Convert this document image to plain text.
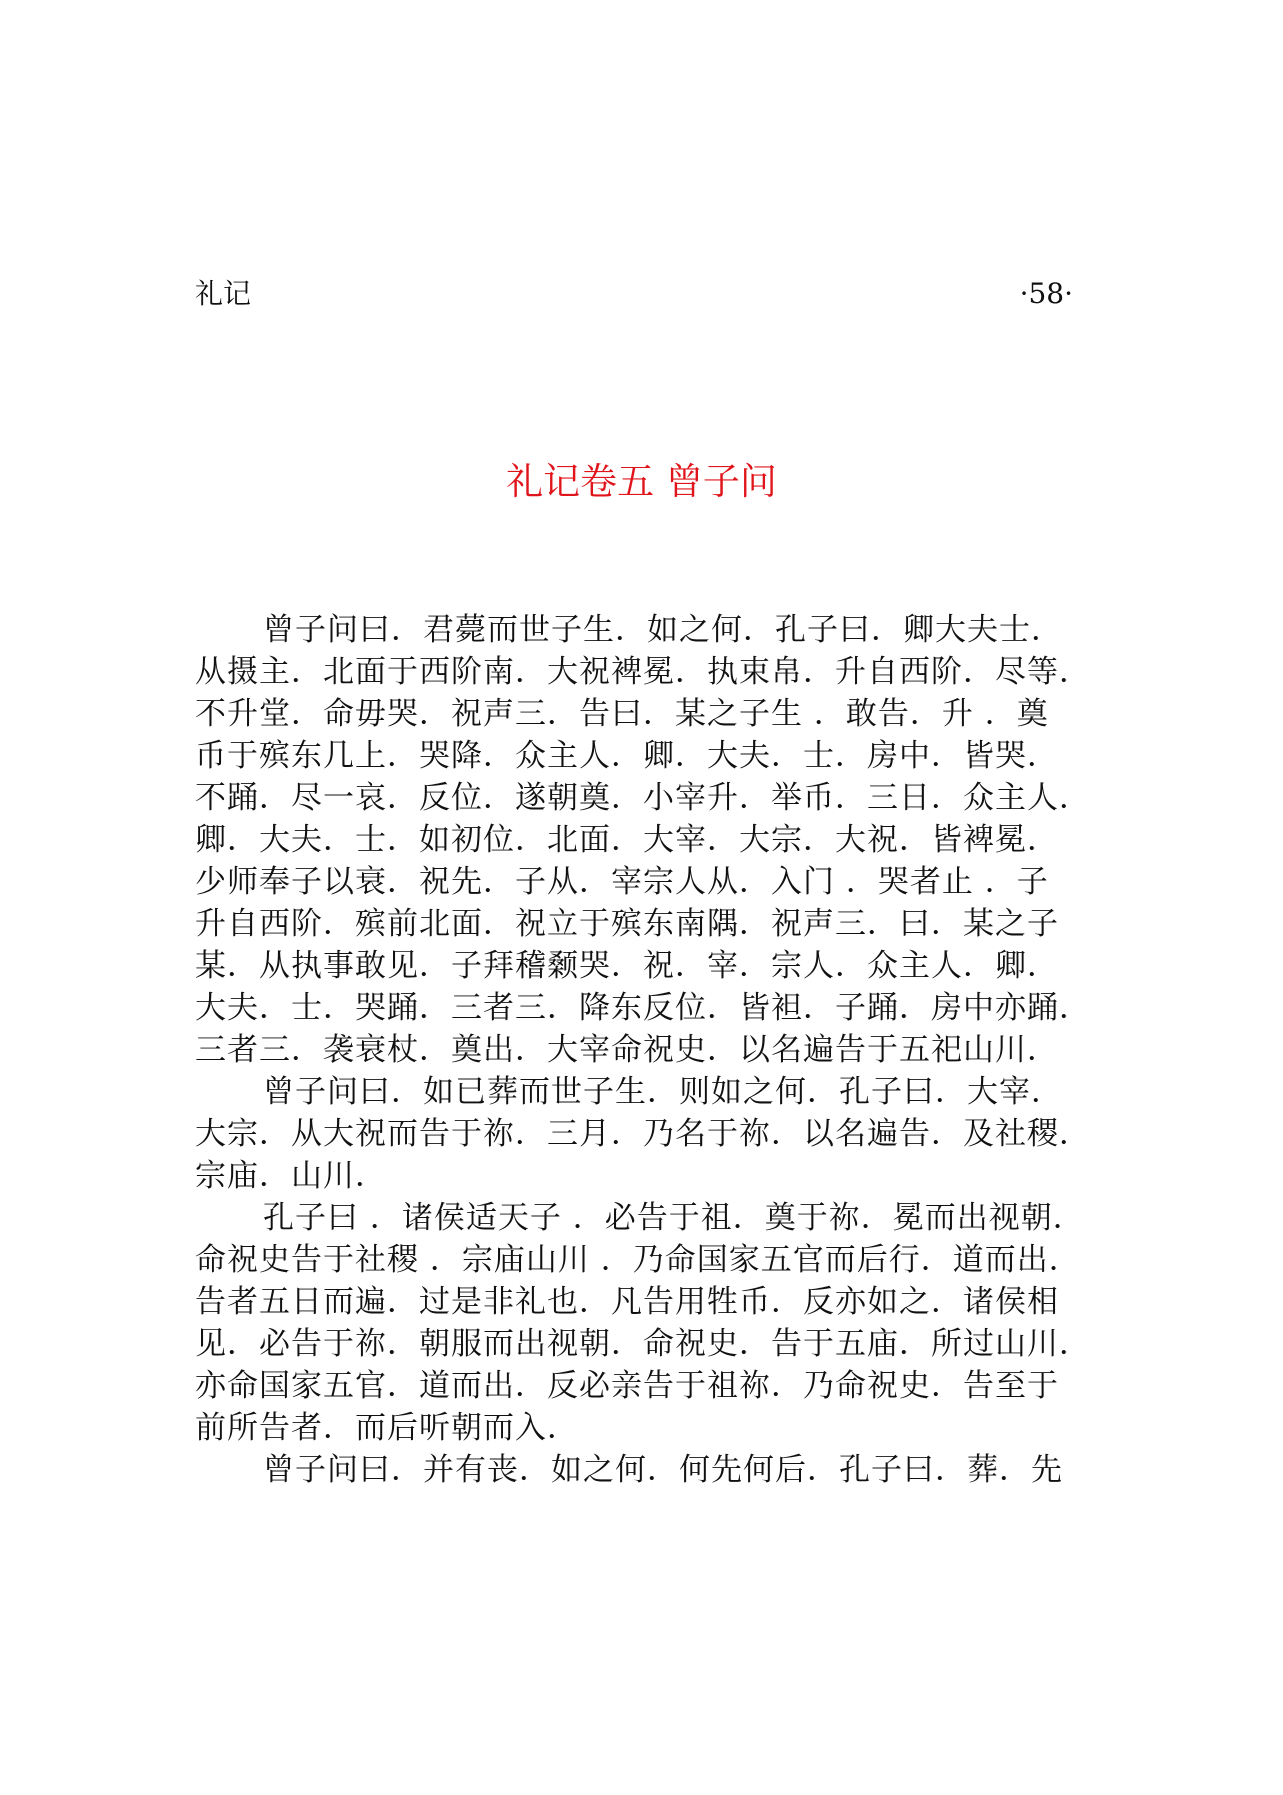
礼记	·58·
礼记卷五 曾子问
曾子问曰．君薨而世子生．如之何．孔子曰．卿大夫士．
从摄主．北面于西阶南．大祝裨冕．执束帛．升自西阶．尽等．
不升堂．命毋哭．祝声三．告曰．某之子生 ．敢告．升 ．奠
币于殡东几上．哭降．众主人．卿．大夫．士．房中．皆哭．
不踊．尽一哀．反位．遂朝奠．小宰升．举币．三日．众主人．
卿．大夫．士．如初位．北面．大宰．大宗．大祝．皆裨冕．
少师奉子以衰．祝先．子从．宰宗人从．入门 ．哭者止 ．子
升自西阶．殡前北面．祝立于殡东南隅．祝声三．曰．某之子
某．从执事敢见．子拜稽颡哭．祝．宰．宗人．众主人．卿．
大夫．士．哭踊．三者三．降东反位．皆袒．子踊．房中亦踊．
三者三．袭衰杖．奠出．大宰命祝史．以名遍告于五祀山川．
曾子问曰．如已葬而世子生．则如之何．孔子曰．大宰．
大宗．从大祝而告于祢．三月．乃名于祢．以名遍告．及社稷．
宗庙．山川．
孔子曰 ．诸侯适天子 ．必告于祖．奠于祢．冕而出视朝．
命祝史告于社稷 ．宗庙山川 ．乃命国家五官而后行．道而出．
告者五日而遍．过是非礼也．凡告用牲币．反亦如之．诸侯相
见．必告于祢．朝服而出视朝．命祝史．告于五庙．所过山川．
亦命国家五官．道而出．反必亲告于祖祢．乃命祝史．告至于
前所告者．而后听朝而入．
曾子问曰．并有丧．如之何．何先何后．孔子曰．葬．先
